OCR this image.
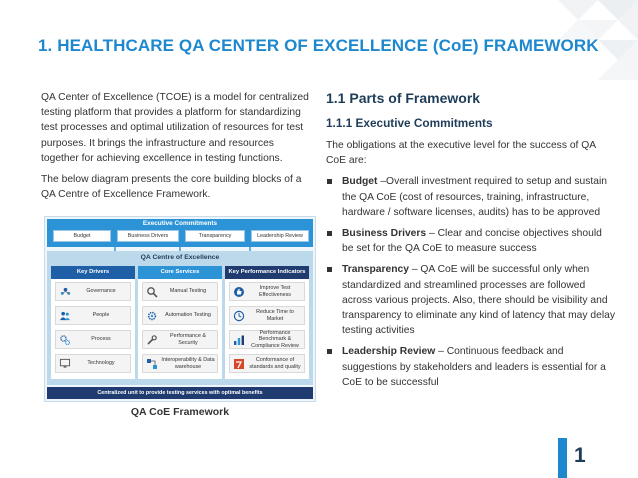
1. HEALTHCARE QA CENTER OF EXCELLENCE (CoE) FRAMEWORK

QA Center of Excellence (TCOE) is a model for centralized testing platform that provides a platform for standardizing test processes and optimal utilization of resources for test purposes. It brings the infrastructure and resources together for achieving excellence in testing functions.

The below diagram presents the core building blocks of a QA Centre of Excellence Framework.

Executive Commitments
Budget	Business Drivers	Transparency	Leadership Review
QA Centre of Excellence
Key Drivers
Governance
People
Process
Technology
Core Services
Manual Testing
Automation Testing
Performance & Security
Interoperability & Data warehouse
Key Performance Indicators
Improve Test Effectiveness
Reduce Time to Market
Performance Benchmark & Compliance Review
Conformance of standards and quality
Centralized unit to provide testing services with optimal benefits
QA CoE Framework
1.1 Parts of Framework
1.1.1 Executive Commitments

The obligations at the executive level for the success of QA CoE are:

Budget –Overall investment required to setup and sustain the QA CoE (cost of resources, training, infrastructure, hardware / software licenses, audits) has to be approved
Business Drivers – Clear and concise objectives should be set for the QA CoE to measure success
Transparency – QA CoE will be successful only when standardized and streamlined processes are followed across various projects. Also, there should be visibility and transparency to eliminate any kind of latency that may delay testing activities
Leadership Review – Continuous feedback and suggestions by stakeholders and leaders is essential for a CoE to be successful
1
